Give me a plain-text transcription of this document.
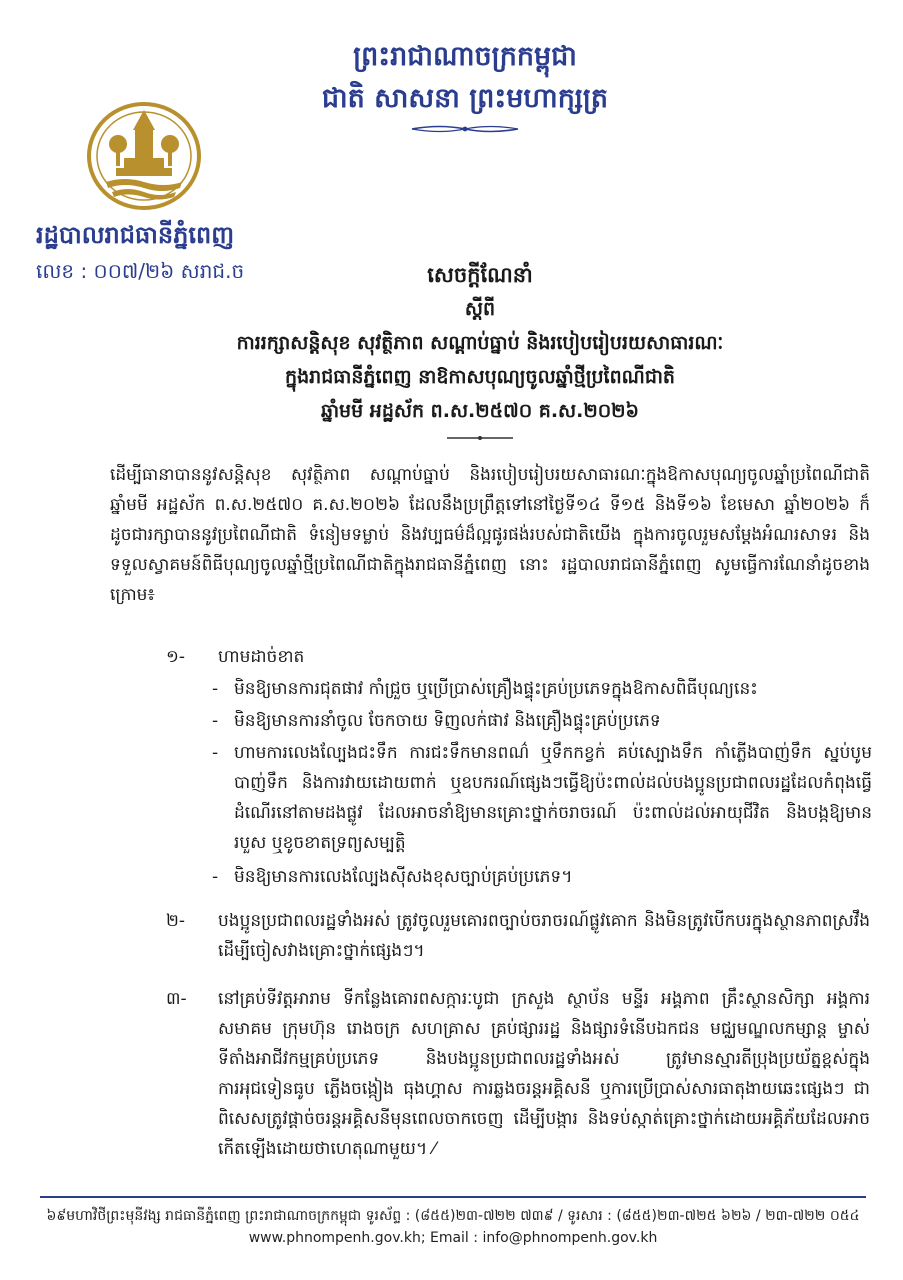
ព្រះរាជាណាចក្រកម្ពុជា
ជាតិ សាសនា ព្រះមហាក្សត្រ
រដ្ឋបាលរាជធានីភ្នំពេញ
លេខ : ០០៧/២៦ សរាជ.ច	សេចក្តីណែនាំ
ស្តីពី
ការរក្សាសន្តិសុខ សុវត្ថិភាព សណ្តាប់ធ្នាប់ និងរបៀបរៀបរយសាធារណៈ
ក្នុងរាជធានីភ្នំពេញ នាឱកាសបុណ្យចូលឆ្នាំថ្មីប្រពៃណីជាតិ
ឆ្នាំមមី អដ្ឋស័ក ព.ស.២៥៧០ គ.ស.២០២៦
ដើម្បីធានាបាននូវសន្តិសុខ សុវត្ថិភាព សណ្តាប់ធ្នាប់ និងរបៀបរៀបរយសាធារណៈក្នុងឱកាសបុណ្យចូលឆ្នាំប្រពៃណីជាតិ ឆ្នាំមមី អដ្ឋស័ក ព.ស.២៥៧០ គ.ស.២០២៦ ដែលនឹងប្រព្រឹត្តទៅនៅថ្ងៃទី១៤ ទី១៥ និងទី១៦ ខែមេសា ឆ្នាំ២០២៦ ក៏ដូចជារក្សាបាននូវប្រពៃណីជាតិ ទំនៀមទម្លាប់ និងវប្បធម៌ដ៏ល្អផូរផង់របស់ជាតិយើង ក្នុងការចូលរួមសម្តែងអំណរសាទរ និងទទួលស្វាគមន៍ពិធីបុណ្យចូលឆ្នាំថ្មីប្រពៃណីជាតិក្នុងរាជធានីភ្នំពេញ នោះ រដ្ឋបាលរាជធានីភ្នំពេញ សូមធ្វើការណែនាំដូចខាងក្រោម៖
១-	ហាមដាច់ខាត
- មិនឱ្យមានការជុតផាវ កាំជ្រួច ឬប្រើប្រាស់គ្រឿងផ្ទុះគ្រប់ប្រភេទក្នុងឱកាសពិធីបុណ្យនេះ
- មិនឱ្យមានការនាំចូល ចែកចាយ ទិញលក់ផាវ និងគ្រឿងផ្ទុះគ្រប់ប្រភេទ
- ហាមការលេងល្បែងជះទឹក ការជះទឹកមានពណ៌ ឬទឹកកខ្វក់ គប់ស្បោងទឹក កាំភ្លើងបាញ់ទឹក ស្នប់បូមបាញ់ទឹក និងការវាយដោយពាក់ ឬឧបករណ៍ផ្សេងៗធ្វើឱ្យប៉ះពាល់ដល់បងប្អូនប្រជាពលរដ្ឋដែលកំពុងធ្វើដំណើរនៅតាមដងផ្លូវ ដែលអាចនាំឱ្យមានគ្រោះថ្នាក់ចរាចរណ៍ ប៉ះពាល់ដល់អាយុជីវិត និងបង្កឱ្យមានរបួស ឬខូចខាតទ្រព្យសម្បត្តិ
- មិនឱ្យមានការលេងល្បែងស៊ីសងខុសច្បាប់គ្រប់ប្រភេទ។
២-	បងប្អូនប្រជាពលរដ្ឋទាំងអស់ ត្រូវចូលរួមគោរពច្បាប់ចរាចរណ៍ផ្លូវគោក និងមិនត្រូវបើកបរក្នុងស្ថានភាពស្រវឹង ដើម្បីចៀសវាងគ្រោះថ្នាក់ផ្សេងៗ។
៣-	នៅគ្រប់ទីវត្តអារាម ទីកន្លែងគោរពសក្ការៈបូជា ក្រសួង ស្ថាប័ន មន្ទីរ អង្គភាព គ្រឹះស្ថានសិក្សា អង្គការ សមាគម ក្រុមហ៊ុន រោងចក្រ សហគ្រាស គ្រប់ផ្សាររដ្ឋ និងផ្សារទំនើបឯកជន មជ្ឈមណ្ឌលកម្សាន្ត ម្ចាស់ទីតាំងអាជីវកម្មគ្រប់ប្រភេទ និងបងប្អូនប្រជាពលរដ្ឋទាំងអស់ ត្រូវមានស្មារតីប្រុងប្រយ័ត្នខ្ពស់ក្នុងការអុជទៀនធូប ភ្លើងចង្កៀង ធុងហ្គាស ការឆ្លងចរន្តអគ្គិសនី ឬការប្រើប្រាស់សារធាតុងាយឆេះផ្សេងៗ ជាពិសេសត្រូវផ្តាច់ចរន្តអគ្គិសនីមុនពេលចាកចេញ ដើម្បីបង្ការ និងទប់ស្កាត់គ្រោះថ្នាក់ដោយអគ្គិភ័យដែលអាចកើតឡើងដោយថាហេតុណាមួយ។ ⁄
៦៩មហាវិថីព្រះមុនីវង្ស រាជធានីភ្នំពេញ ព្រះរាជាណាចក្រកម្ពុជា ទូរស័ព្ទ : (៨៥៥)២៣-៧២២ ៧៣៩ / ទូរសារ : (៨៥៥)២៣-៧២៥ ៦២៦ / ២៣-៧២២ ០៥៤
www.phnompenh.gov.kh; Email : info@phnompenh.gov.kh
